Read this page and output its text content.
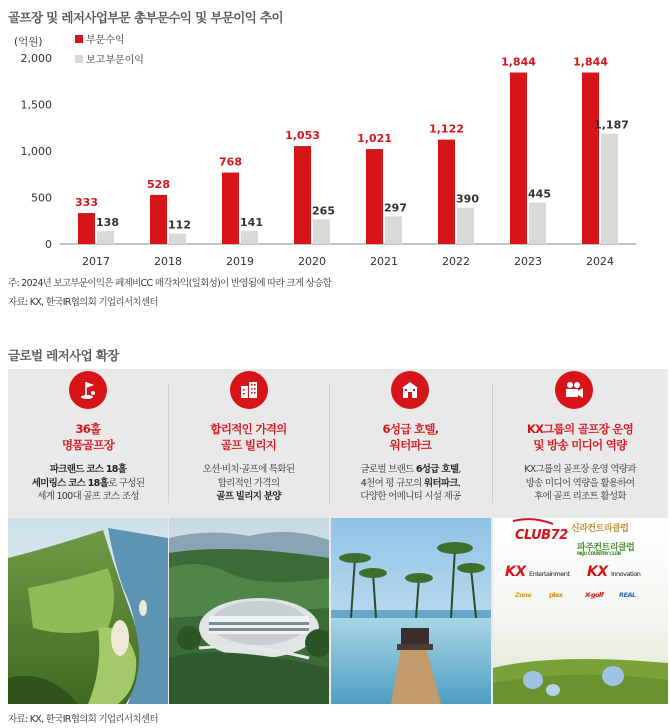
골프장 및 레저사업부문 총부문수익 및 부문이익 추이
(억원)	부문수익
보고부문이익
0
500
1,000
1,500
2,000
333
138
2017
528
112
2018
768
141
2019
1,053
265
2020
1,021
297
2021
1,122
390
2022
1,844
445
2023
1,844
1,187
2024
주: 2024년 보고부문이익은 페제비CC 매각차익(일회성)이 반영됨에 따라 크게 상승함
자료: KX, 한국IR협의회 기업리서치센터
글로벌 레저사업 확장
36홀
명품골프장
파크랜드 코스 18홀
세미링스 코스 18홀로 구성된
세계 100대 골프 코스 조성
합리적인 가격의
골프 빌리지
오션·비치·골프에 특화된
합리적인 가격의
골프 빌리지 분양
6성급 호텔,
워터파크
글로벌 브랜드 6성급 호텔,
4천여 평 규모의 워터파크,
다양한 어메니티 시설 제공
KX그룹의 골프장 운영
및 방송 미디어 역량
KX그룹의 골프장 운영 역량과
방송 미디어 역량을 활용하여
후에 골프 리조트 활성화
CLUB72 신라컨트리클럽
파주컨트리클럽
PAJU COUNTRY CLUB
KX Entertainment KX Innovation
Zone	plex	X-golf REAL
자료: KX, 한국IR협의회 기업리서치센터
